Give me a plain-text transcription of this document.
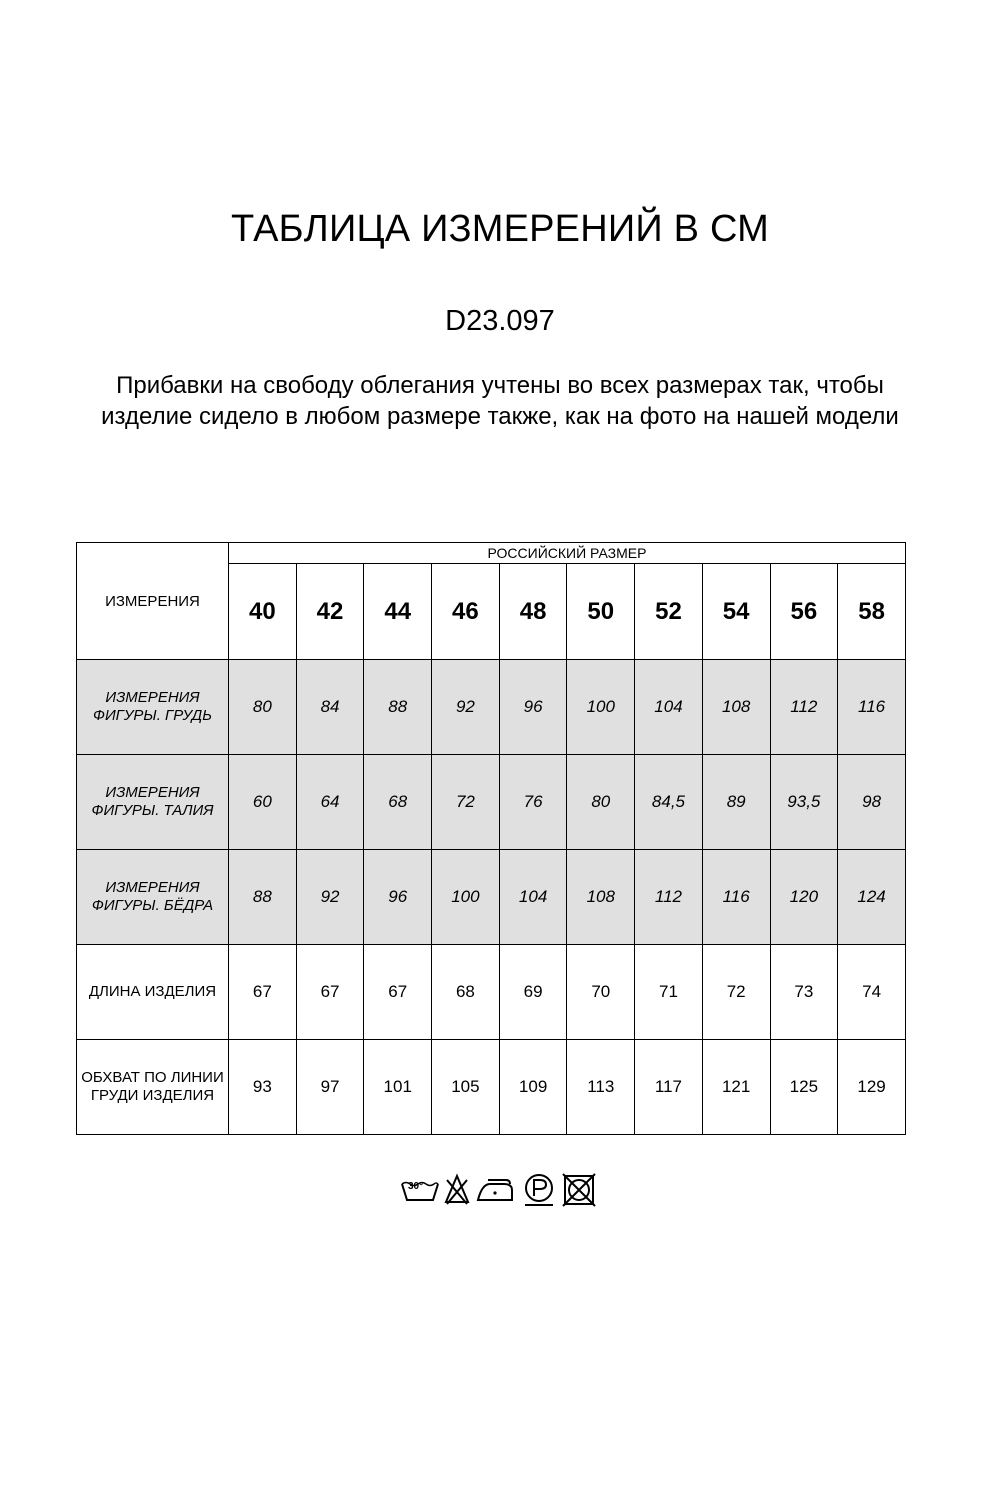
ТАБЛИЦА ИЗМЕРЕНИЙ В СМ
D23.097
Прибавки на свободу облегания учтены во всех размерах так, чтобы изделие сидело в любом размере также, как на фото на нашей модели
ИЗМЕРЕНИЯ	РОССИЙСКИЙ РАЗМЕР									
	40	42	44	46	48	50	52	54	56	58
ИЗМЕРЕНИЯ ФИГУРЫ. ГРУДЬ	80	84	88	92	96	100	104	108	112	116
ИЗМЕРЕНИЯ ФИГУРЫ. ТАЛИЯ	60	64	68	72	76	80	84,5	89	93,5	98
ИЗМЕРЕНИЯ ФИГУРЫ. БЁДРА	88	92	96	100	104	108	112	116	120	124
ДЛИНА ИЗДЕЛИЯ	67	67	67	68	69	70	71	72	73	74
ОБХВАТ ПО ЛИНИИ ГРУДИ ИЗДЕЛИЯ	93	97	101	105	109	113	117	121	125	129
30°
